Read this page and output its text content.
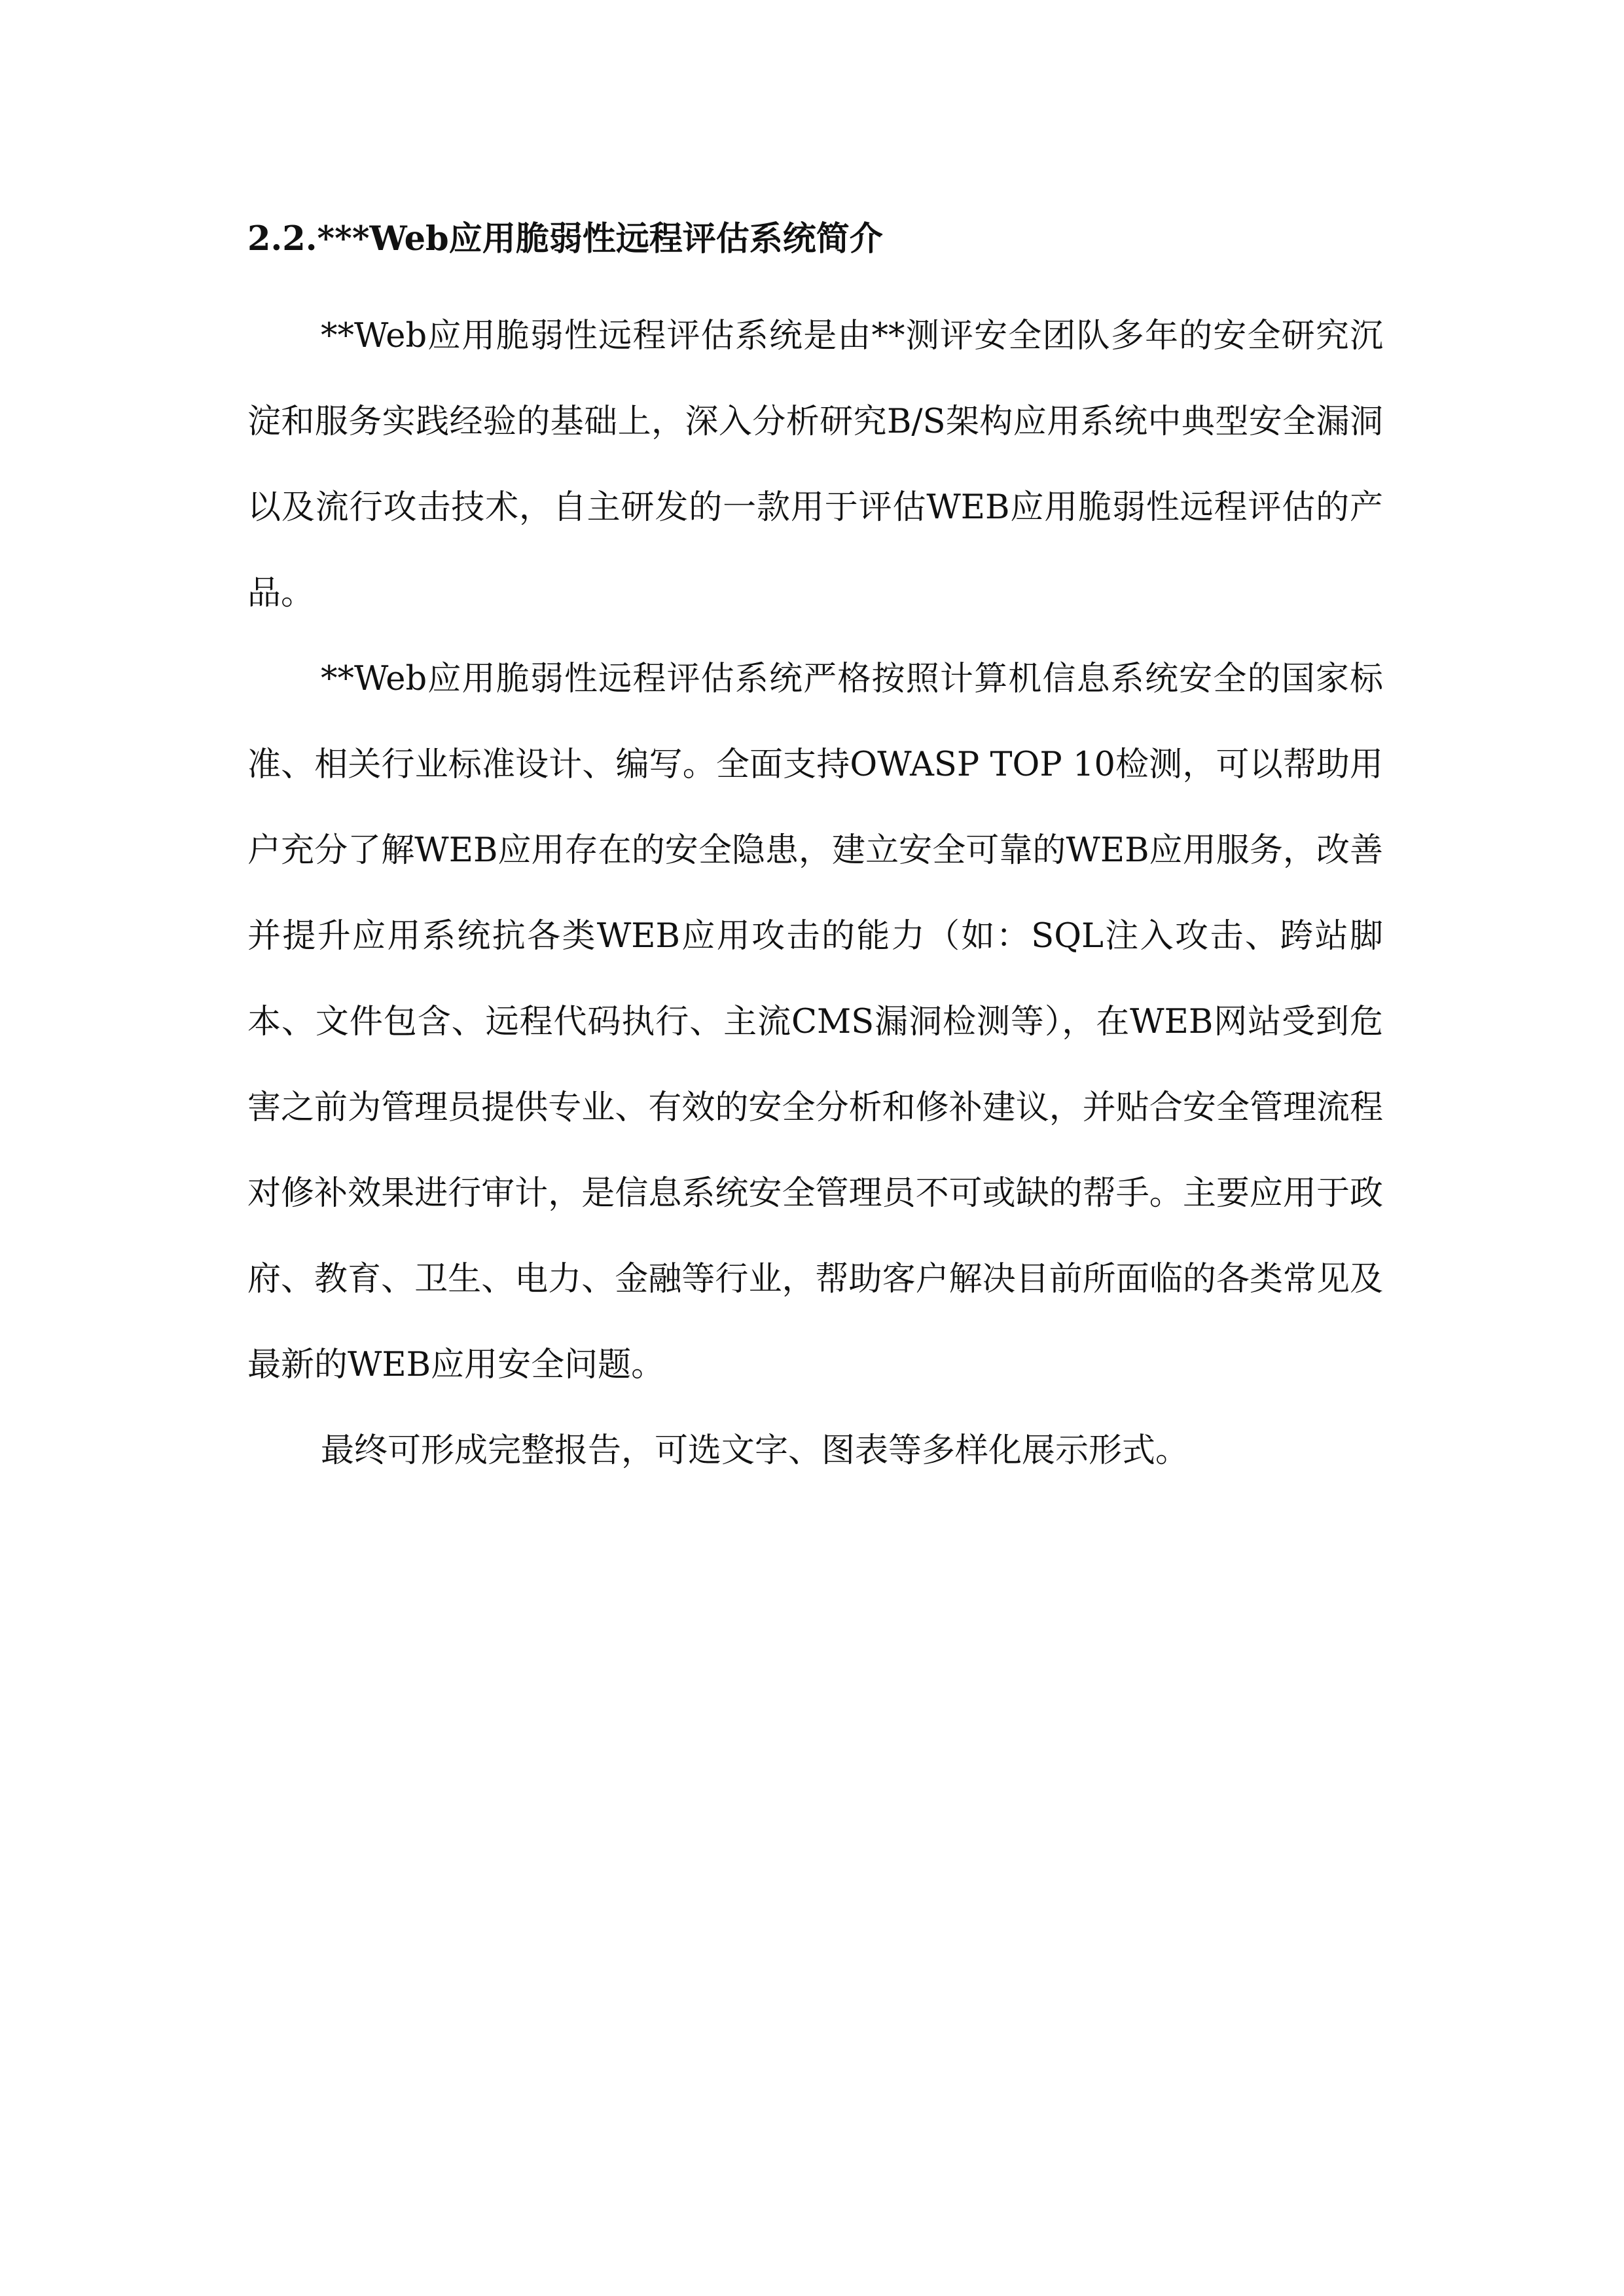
2.2.***Web应用脆弱性远程评估系统简介

**Web应用脆弱性远程评估系统是由**测评安全团队多年的安全研究沉淀和服务实践经验的基础上，深入分析研究B/S架构应用系统中典型安全漏洞以及流行攻击技术，自主研发的一款用于评估WEB应用脆弱性远程评估的产品。

**Web应用脆弱性远程评估系统严格按照计算机信息系统安全的国家标准、相关行业标准设计、编写。全面支持OWASP TOP 10检测，可以帮助用户充分了解WEB应用存在的安全隐患，建立安全可靠的WEB应用服务，改善并提升应用系统抗各类WEB应用攻击的能力（如：SQL注入攻击、跨站脚本、文件包含、远程代码执行、主流CMS漏洞检测等），在WEB网站受到危害之前为管理员提供专业、有效的安全分析和修补建议，并贴合安全管理流程对修补效果进行审计，是信息系统安全管理员不可或缺的帮手。主要应用于政府、教育、卫生、电力、金融等行业，帮助客户解决目前所面临的各类常见及最新的WEB应用安全问题。

最终可形成完整报告，可选文字、图表等多样化展示形式。
